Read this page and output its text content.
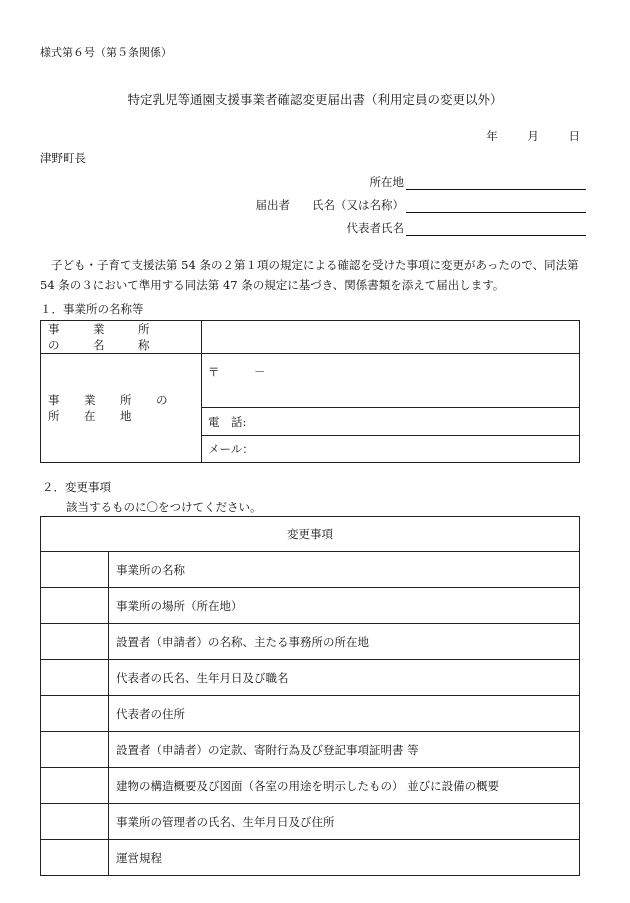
様式第６号（第５条関係）
特定乳児等通園支援事業者確認変更届出書（利用定員の変更以外）
年	月	日
津野町長
所在地
届出者 氏名（又は名称）
代表者氏名
子ども・子育て支援法第 54 条の２第１項の規定による確認を受けた事項に変更があったので、同法第 54 条の３において準用する同法第 47 条の規定に基づき、関係書類を添えて届出します。
１．事業所の名称等
事　業　所　の　名　称	
事　業　所　の　所　在　地	〒　　　－
	電　話:
	メール：
２．変更事項
該当するものに〇をつけてください。
変更事項	
	事業所の名称
	事業所の場所（所在地）
	設置者（申請者）の名称、主たる事務所の所在地
	代表者の氏名、生年月日及び職名
	代表者の住所
	設置者（申請者）の定款、寄附行為及び登記事項証明書 等
	建物の構造概要及び図面（各室の用途を明示したもの） 並びに設備の概要
	事業所の管理者の氏名、生年月日及び住所
	運営規程
